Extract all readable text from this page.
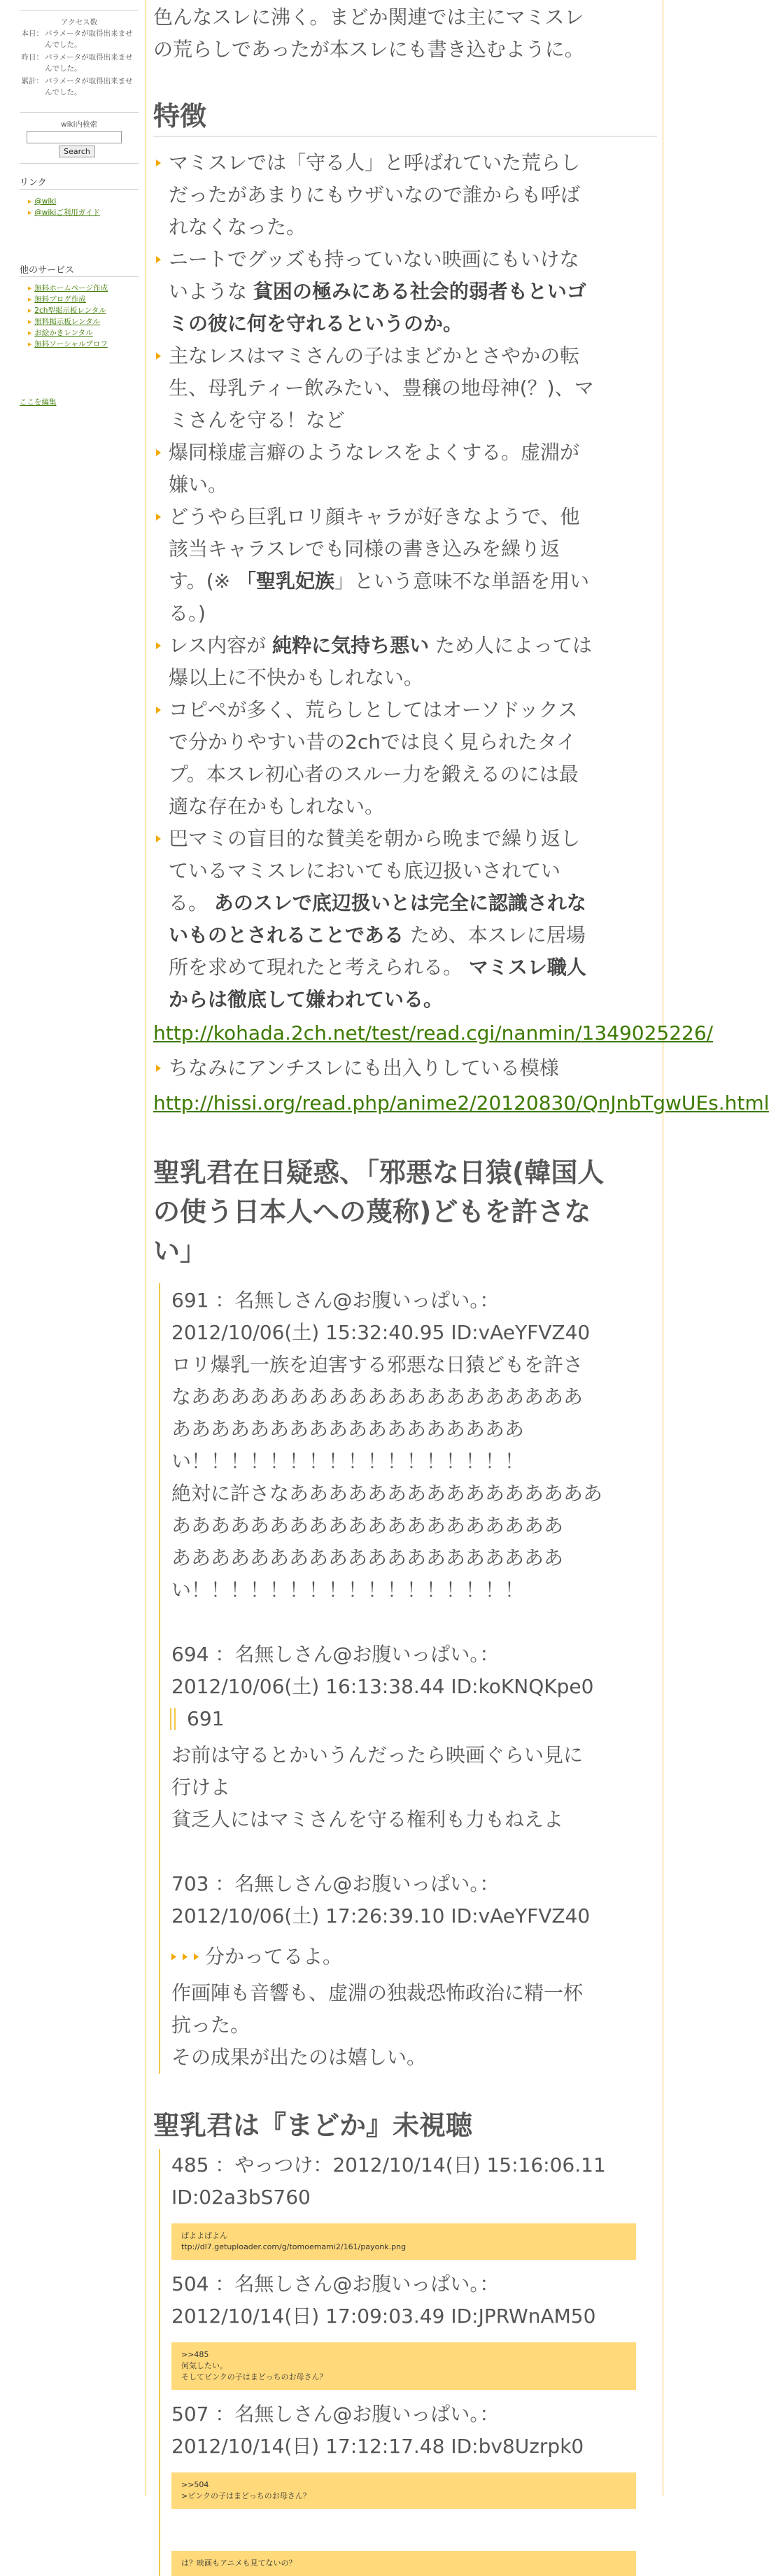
アクセス数
本日： パラメータが取得出来ませんでした。
昨日： パラメータが取得出来ませんでした。
累計： パラメータが取得出来ませんでした。
wiki内検索
Search
リンク
▸ @wiki
▸ @wikiご利用ガイド
他のサービス
▸ 無料ホームページ作成
▸ 無料ブログ作成
▸ 2ch型掲示板レンタル
▸ 無料掲示板レンタル
▸ お絵かきレンタル
▸ 無料ソーシャルプロフ
ここを編集
色んなスレに沸く。まどか関連では主にマミスレ
の荒らしであったが本スレにも書き込むように。
特徴
マミスレでは「守る人」と呼ばれていた荒らし
だったがあまりにもウザいなので誰からも呼ば
れなくなった。
ニートでグッズも持っていない映画にもいけな
いような 貧困の極みにある社会的弱者もといゴ
ミの彼に何を守れるというのか。
主なレスはマミさんの子はまどかとさやかの転
生、母乳ティー飲みたい、豊穣の地母神(？)、マ
ミさんを守る！など
爆同様虚言癖のようなレスをよくする。虚淵が
嫌い。
どうやら巨乳ロリ顔キャラが好きなようで、他
該当キャラスレでも同様の書き込みを繰り返
す。(※ 「聖乳妃族」という意味不な単語を用い
る。)
レス内容が 純粋に気持ち悪い ため人によっては
爆以上に不快かもしれない。
コピペが多く、荒らしとしてはオーソドックス
で分かりやすい昔の2chでは良く見られたタイ
プ。本スレ初心者のスルー力を鍛えるのには最
適な存在かもしれない。
巴マミの盲目的な賛美を朝から晩まで繰り返し
ているマミスレにおいても底辺扱いされてい
る。 あのスレで底辺扱いとは完全に認識されな
いものとされることである ため、本スレに居場
所を求めて現れたと考えられる。 マミスレ職人
からは徹底して嫌われている。
http://kohada.2ch.net/test/read.cgi/nanmin/1349025226/
ちなみにアンチスレにも出入りしている模様
http://hissi.org/read.php/anime2/20120830/QnJnbTgwUEs.html
聖乳君在日疑惑、「邪悪な日猿(韓国人
の使う日本人への蔑称)どもを許さな
い」
691 ：名無しさん@お腹いっぱい。：
2012/10/06(土) 15:32:40.95 ID:vAeYFVZ40
ロリ爆乳一族を迫害する邪悪な日猿どもを許さ
なああああああああああああああああああああ
ああああああああああああああああああ
い！！！！！！！！！！！！！！！！！
絶対に許さなああああああああああああああああ
ああああああああああああああああああああ
ああああああああああああああああああああ
い！！！！！！！！！！！！！！！！！
694 ：名無しさん@お腹いっぱい。：
2012/10/06(土) 16:13:38.44 ID:koKNQKpe0
691
お前は守るとかいうんだったら映画ぐらい見に
行けよ
貧乏人にはマミさんを守る権利も力もねえよ
703 ：名無しさん@お腹いっぱい。：
2012/10/06(土) 17:26:39.10 ID:vAeYFVZ40
分かってるよ。
作画陣も音響も、虚淵の独裁恐怖政治に精一杯
抗った。
その成果が出たのは嬉しい。
聖乳君は『まどか』未視聴
485 ：やっつけ：2012/10/14(日) 15:16:06.11
ID:02a3bS760
ぱよよぱよん
ttp://dl7.getuploader.com/g/tomoemami2/161/payonk.png
504 ：名無しさん@お腹いっぱい。：
2012/10/14(日) 17:09:03.49 ID:JPRWnAM50
>>485
何気したい。
そしてピンクの子はまどっちのお母さん？
507 ：名無しさん@お腹いっぱい。：
2012/10/14(日) 17:12:17.48 ID:bv8Uzrpk0
>>504
>ピンクの子はまどっちのお母さん？
は？映画もアニメも見てないの？
